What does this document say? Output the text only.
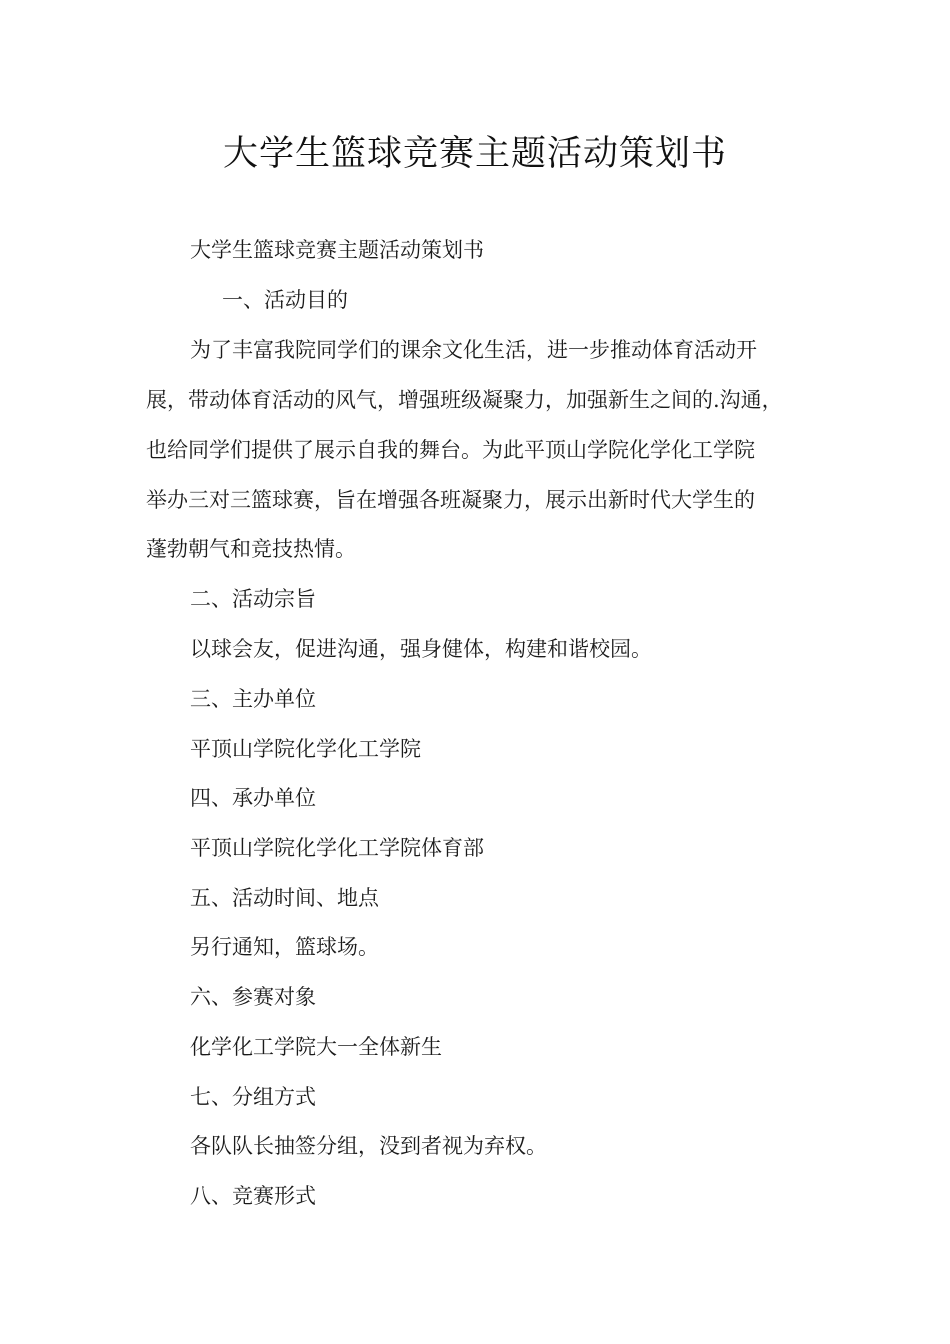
大学生篮球竞赛主题活动策划书
大学生篮球竞赛主题活动策划书
一、活动目的
为了丰富我院同学们的课余文化生活，进一步推动体育活动开
展，带动体育活动的风气，增强班级凝聚力，加强新生之间的.沟通，
也给同学们提供了展示自我的舞台。为此平顶山学院化学化工学院
举办三对三篮球赛，旨在增强各班凝聚力，展示出新时代大学生的
蓬勃朝气和竞技热情。
二、活动宗旨
以球会友，促进沟通，强身健体，构建和谐校园。
三、主办单位
平顶山学院化学化工学院
四、承办单位
平顶山学院化学化工学院体育部
五、活动时间、地点
另行通知，篮球场。
六、参赛对象
化学化工学院大一全体新生
七、分组方式
各队队长抽签分组，没到者视为弃权。
八、竞赛形式
